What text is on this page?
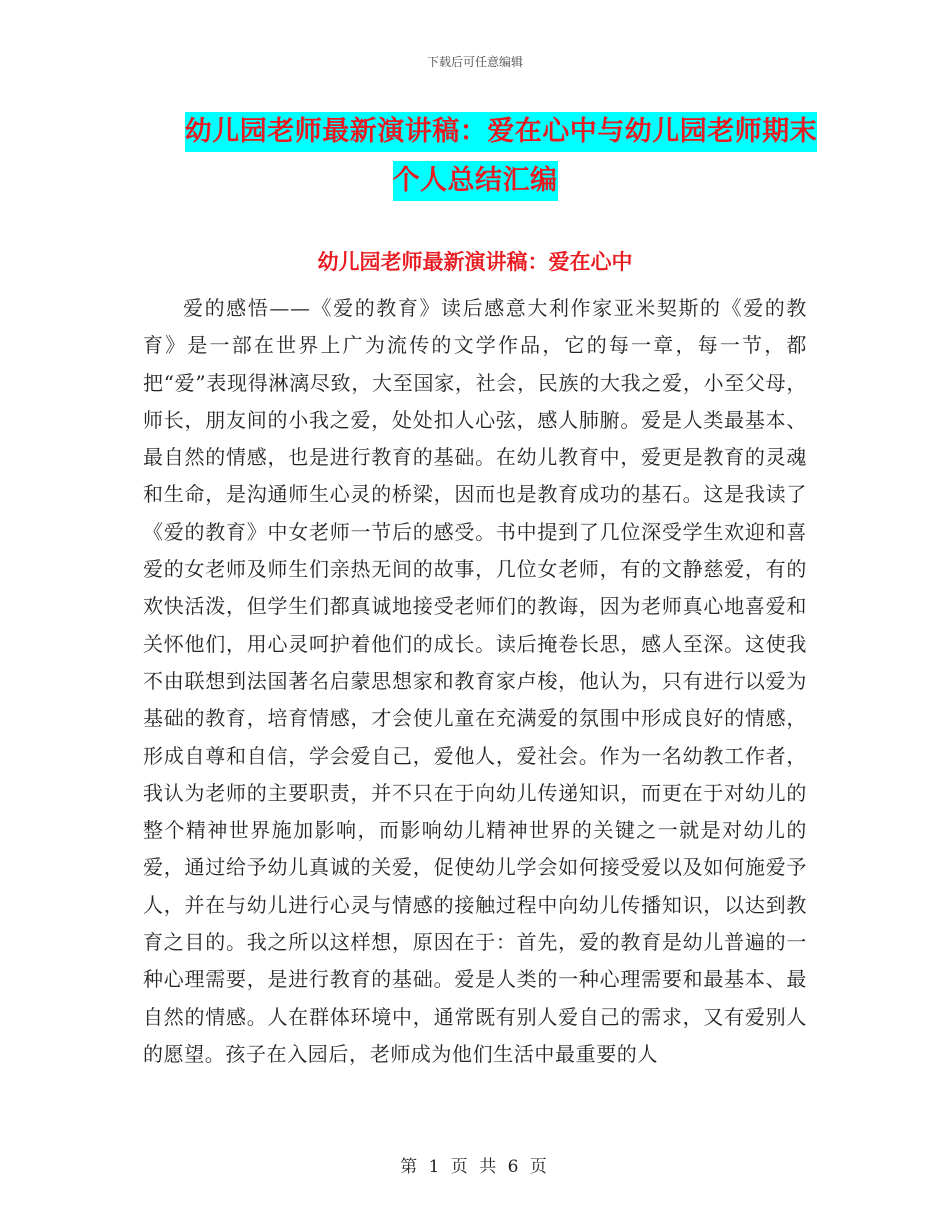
下载后可任意编辑
幼儿园老师最新演讲稿：爱在心中与幼儿园老师期末
个人总结汇编
幼儿园老师最新演讲稿：爱在心中

爱的感悟——《爱的教育》读后感意大利作家亚米契斯的《爱的教育》是一部在世界上广为流传的文学作品，它的每一章，每一节，都把“爱”表现得淋漓尽致，大至国家，社会，民族的大我之爱，小至父母，师长，朋友间的小我之爱，处处扣人心弦，感人肺腑。爱是人类最基本、最自然的情感，也是进行教育的基础。在幼儿教育中，爱更是教育的灵魂和生命，是沟通师生心灵的桥梁，因而也是教育成功的基石。这是我读了《爱的教育》中女老师一节后的感受。书中提到了几位深受学生欢迎和喜爱的女老师及师生们亲热无间的故事，几位女老师，有的文静慈爱，有的欢快活泼，但学生们都真诚地接受老师们的教诲，因为老师真心地喜爱和关怀他们，用心灵呵护着他们的成长。读后掩卷长思，感人至深。这使我不由联想到法国著名启蒙思想家和教育家卢梭，他认为，只有进行以爱为基础的教育，培育情感，才会使儿童在充满爱的氛围中形成良好的情感，形成自尊和自信，学会爱自己，爱他人，爱社会。作为一名幼教工作者，我认为老师的主要职责，并不只在于向幼儿传递知识，而更在于对幼儿的整个精神世界施加影响，而影响幼儿精神世界的关键之一就是对幼儿的爱，通过给予幼儿真诚的关爱，促使幼儿学会如何接受爱以及如何施爱予人，并在与幼儿进行心灵与情感的接触过程中向幼儿传播知识，以达到教育之目的。我之所以这样想，原因在于：首先，爱的教育是幼儿普遍的一种心理需要，是进行教育的基础。爱是人类的一种心理需要和最基本、最自然的情感。人在群体环境中，通常既有别人爱自己的需求，又有爱别人的愿望。孩子在入园后，老师成为他们生活中最重要的人

第 1 页 共 6 页
